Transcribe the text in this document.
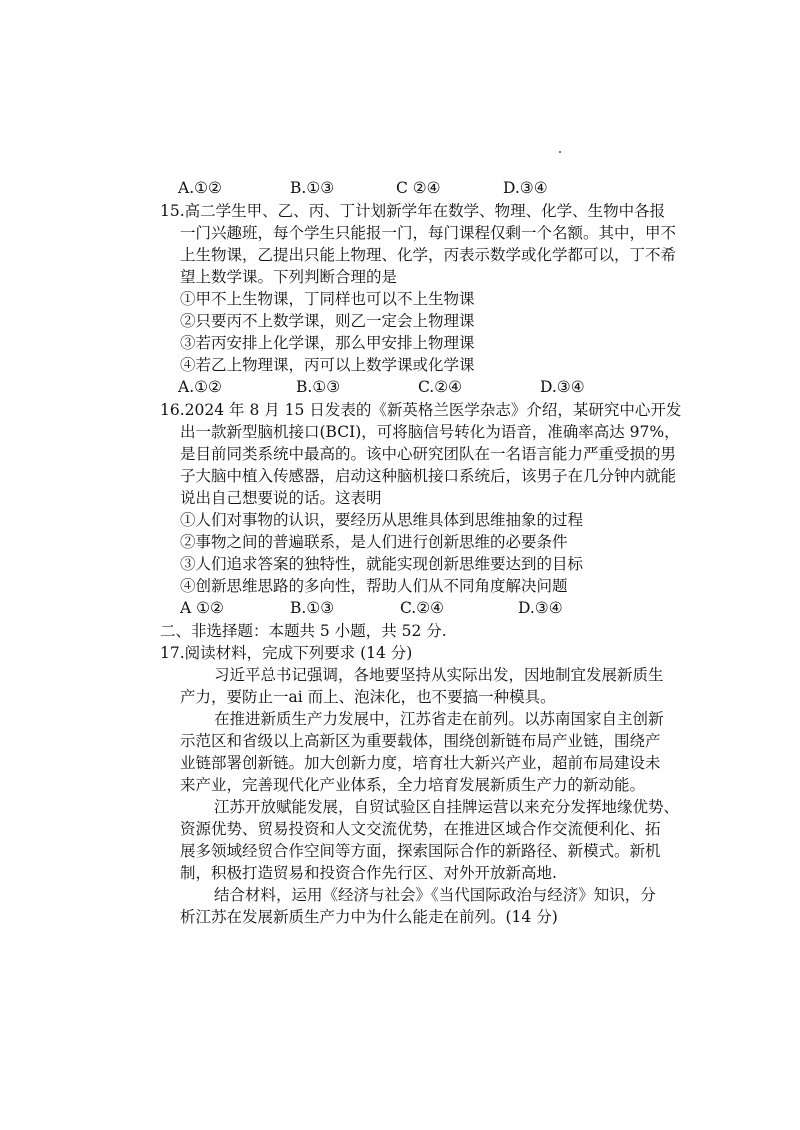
A.①②	B.①③	C ②④	D.③④
15.高二学生甲、乙、丙、丁计划新学年在数学、物理、化学、生物中各报
一门兴趣班，每个学生只能报一门，每门课程仅剩一个名额。其中，甲不
上生物课，乙提出只能上物理、化学，丙表示数学或化学都可以，丁不希
望上数学课。下列判断合理的是
①甲不上生物课，丁同样也可以不上生物课
②只要丙不上数学课，则乙一定会上物理课
③若丙安排上化学课，那么甲安排上物理课
④若乙上物理课，丙可以上数学课或化学课
A.①②	B.①③	C.②④	D.③④
16.2024 年 8 月 15 日发表的《新英格兰医学杂志》介绍，某研究中心开发
出一款新型脑机接口(BCI)，可将脑信号转化为语音，准确率高达 97%，
是目前同类系统中最高的。该中心研究团队在一名语言能力严重受损的男
子大脑中植入传感器，启动这种脑机接口系统后，该男子在几分钟内就能
说出自己想要说的话。这表明
①人们对事物的认识，要经历从思维具体到思维抽象的过程
②事物之间的普遍联系，是人们进行创新思维的必要条件
③人们追求答案的独特性，就能实现创新思维要达到的目标
④创新思维思路的多向性，帮助人们从不同角度解决问题
A ①②	B.①③	C.②④	D.③④
二、非选择题：本题共 5 小题，共 52 分.
17.阅读材料，完成下列要求 (14 分)
习近平总书记强调，各地要坚持从实际出发，因地制宜发展新质生
产力，要防止一ai 而上、泡沫化，也不要搞一种模具。
在推进新质生产力发展中，江苏省走在前列。以苏南国家自主创新
示范区和省级以上高新区为重要载体，围绕创新链布局产业链，围绕产
业链部署创新链。加大创新力度，培育壮大新兴产业，超前布局建设未
来产业，完善现代化产业体系，全力培育发展新质生产力的新动能。
江苏开放赋能发展，自贸试验区自挂牌运营以来充分发挥地缘优势、
资源优势、贸易投资和人文交流优势，在推进区域合作交流便利化、拓
展多领域经贸合作空间等方面，探索国际合作的新路径、新模式。新机
制，积极打造贸易和投资合作先行区、对外开放新高地.
结合材料，运用《经济与社会》《当代国际政治与经济》知识，分
析江苏在发展新质生产力中为什么能走在前列。(14 分)
